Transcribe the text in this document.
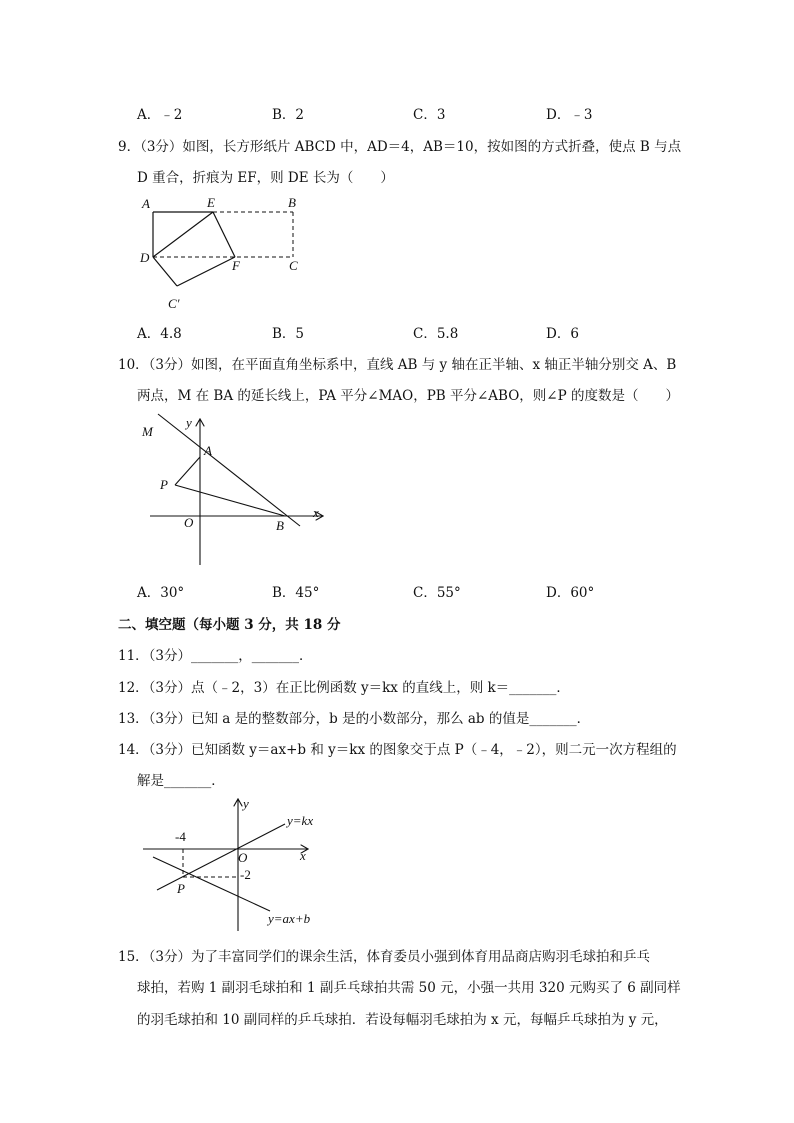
A．﹣2	B．2	C．3	D．﹣3
9．（3分）如图，长方形纸片 ABCD 中，AD＝4，AB＝10，按如图的方式折叠，使点 B 与点
D 重合，折痕为 EF，则 DE 长为（　　）
A	E	B
D
F	C
C′
A．4.8	B．5	C．5.8	D．6
10．（3分）如图，在平面直角坐标系中，直线 AB 与 y 轴在正半轴、x 轴正半轴分别交 A、B
两点，M 在 BA 的延长线上，PA 平分∠MAO，PB 平分∠ABO，则∠P 的度数是（　　）
y
M
A
P
O	B
x
A．30°	B．45°	C．55°	D．60°
二、填空题（每小题 3 分，共 18 分
11．（3分）_______，_______．
12．（3分）点（﹣2，3）在正比例函数 y＝kx 的直线上，则 k＝_______．
13．（3分）已知 a 是的整数部分，b 是的小数部分，那么 ab 的值是_______．
14．（3分）已知函数 y＝ax+b 和 y＝kx 的图象交于点 P（﹣4，﹣2），则二元一次方程组的
解是_______．
y
y=kx
-4
O	x
-2
P
y=ax+b
15．（3分）为了丰富同学们的课余生活，体育委员小强到体育用品商店购羽毛球拍和乒乓
球拍，若购 1 副羽毛球拍和 1 副乒乓球拍共需 50 元，小强一共用 320 元购买了 6 副同样
的羽毛球拍和 10 副同样的乒乓球拍．若设每幅羽毛球拍为 x 元，每幅乒乓球拍为 y 元，
